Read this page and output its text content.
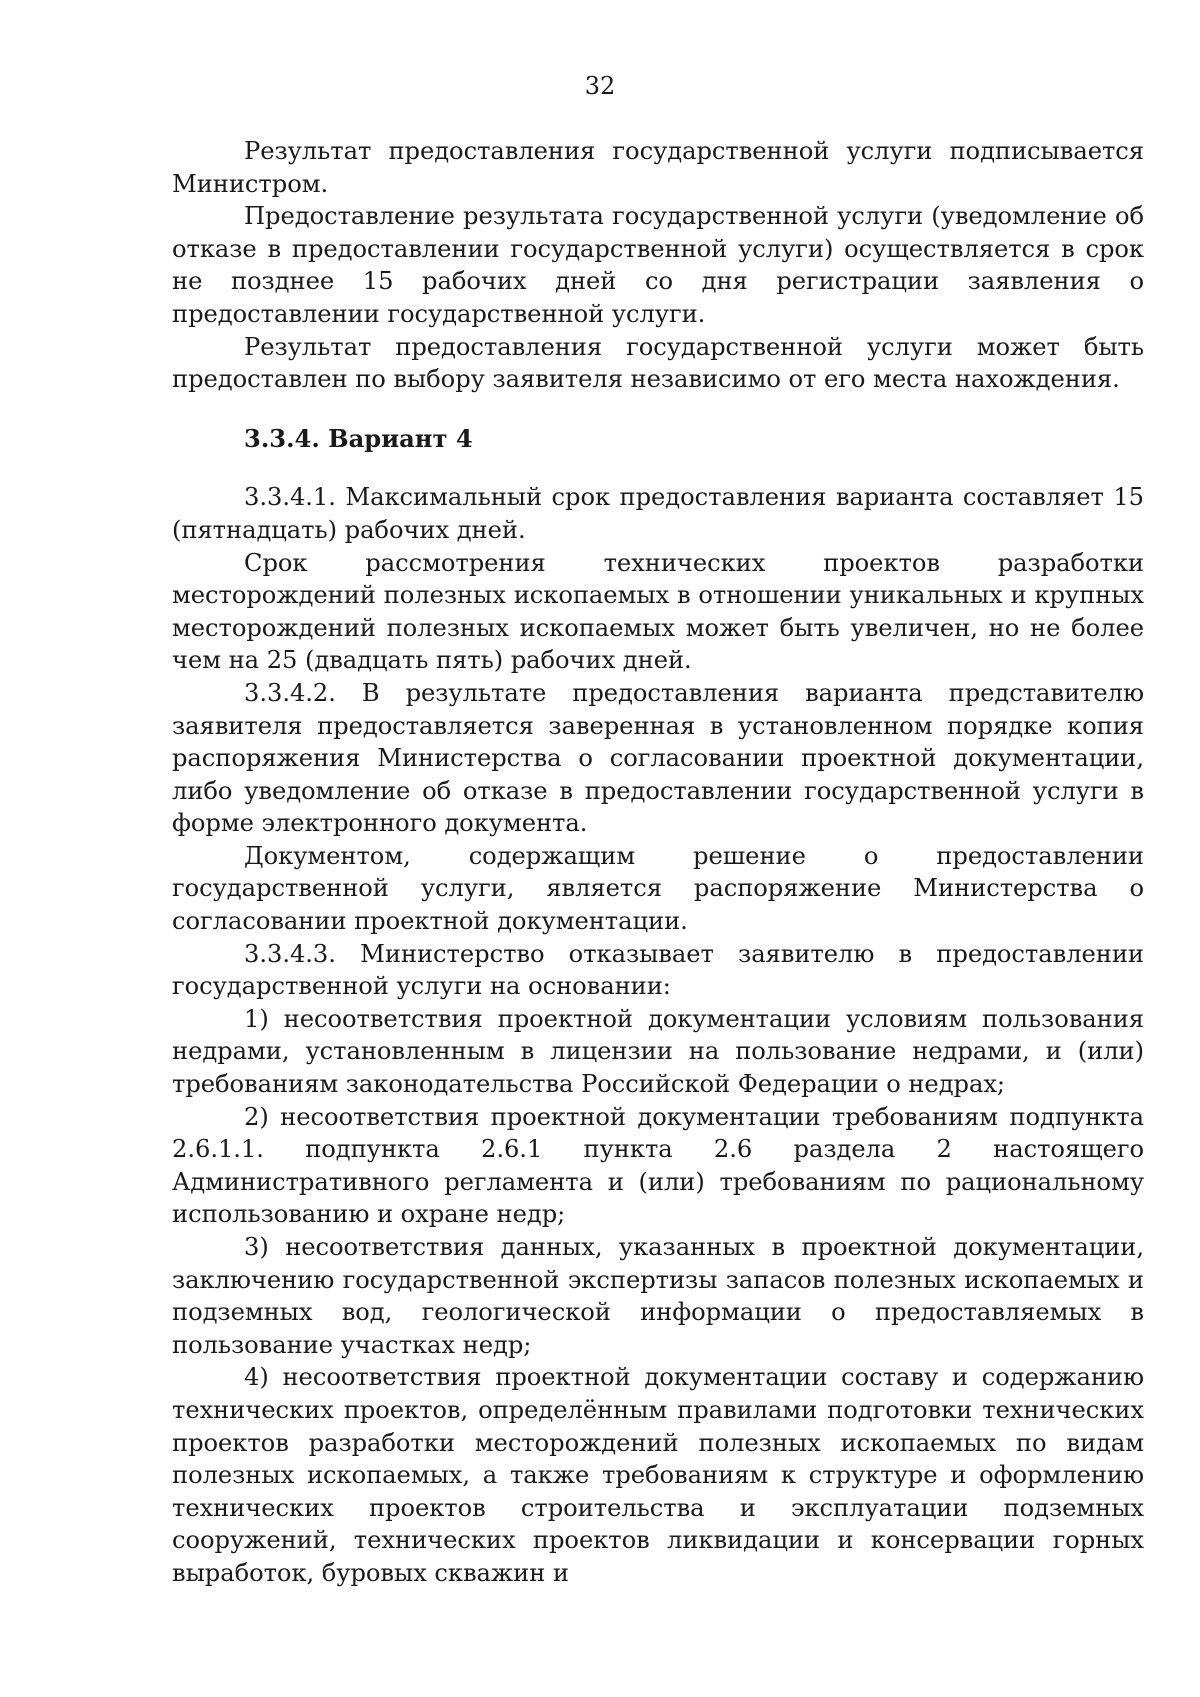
32

Результат предоставления государственной услуги подписывается Министром.

Предоставление результата государственной услуги (уведомление об отказе в предоставлении государственной услуги) осуществляется в срок не позднее 15 рабочих дней со дня регистрации заявления о предоставлении государственной услуги.

Результат предоставления государственной услуги может быть предоставлен по выбору заявителя независимо от его места нахождения.

3.3.4. Вариант 4

3.3.4.1. Максимальный срок предоставления варианта составляет 15 (пятнадцать) рабочих дней.

Срок рассмотрения технических проектов разработки месторождений полезных ископаемых в отношении уникальных и крупных месторождений полезных ископаемых может быть увеличен, но не более чем на 25 (двадцать пять) рабочих дней.

3.3.4.2. В результате предоставления варианта представителю заявителя предоставляется заверенная в установленном порядке копия распоряжения Министерства о согласовании проектной документации, либо уведомление об отказе в предоставлении государственной услуги в форме электронного документа.

Документом, содержащим решение о предоставлении государственной услуги, является распоряжение Министерства о согласовании проектной документации.

3.3.4.3. Министерство отказывает заявителю в предоставлении государственной услуги на основании:

1) несоответствия проектной документации условиям пользования недрами, установленным в лицензии на пользование недрами, и (или) требованиям законодательства Российской Федерации о недрах;

2) несоответствия проектной документации требованиям подпункта 2.6.1.1. подпункта 2.6.1 пункта 2.6 раздела 2 настоящего Административного регламента и (или) требованиям по рациональному использованию и охране недр;

3) несоответствия данных, указанных в проектной документации, заключению государственной экспертизы запасов полезных ископаемых и подземных вод, геологической информации о предоставляемых в пользование участках недр;

4) несоответствия проектной документации составу и содержанию технических проектов, определённым правилами подготовки технических проектов разработки месторождений полезных ископаемых по видам полезных ископаемых, а также требованиям к структуре и оформлению технических проектов строительства и эксплуатации подземных сооружений, технических проектов ликвидации и консервации горных выработок, буровых скважин и
